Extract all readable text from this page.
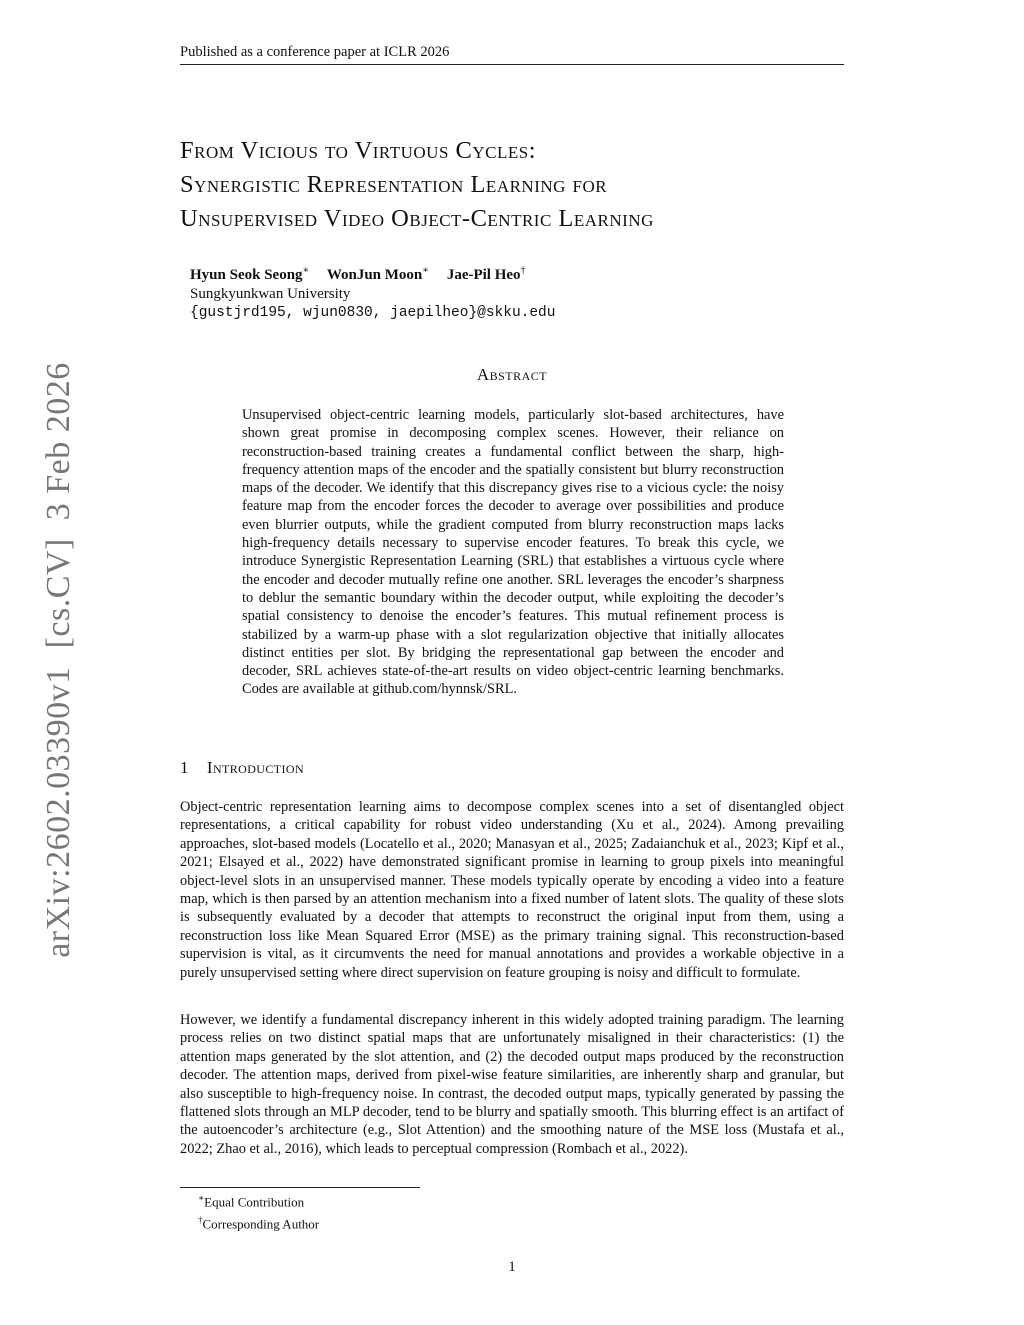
Published as a conference paper at ICLR 2026
From Vicious to Virtuous Cycles:
Synergistic Representation Learning for
Unsupervised Video Object-Centric Learning
Hyun Seok Seong∗ WonJun Moon∗ Jae-Pil Heo†
Sungkyunkwan University
{gustjrd195, wjun0830, jaepilheo}@skku.edu
Abstract
Unsupervised object-centric learning models, particularly slot-based architectures, have shown great promise in decomposing complex scenes. However, their reliance on reconstruction-based training creates a fundamental conflict between the sharp, high-frequency attention maps of the encoder and the spatially consistent but blurry reconstruction maps of the decoder. We identify that this discrepancy gives rise to a vicious cycle: the noisy feature map from the encoder forces the decoder to average over possibilities and produce even blurrier outputs, while the gradient computed from blurry reconstruction maps lacks high-frequency details necessary to supervise encoder features. To break this cycle, we introduce Synergistic Representation Learning (SRL) that establishes a virtuous cycle where the encoder and decoder mutually refine one another. SRL leverages the encoder’s sharpness to deblur the semantic boundary within the decoder output, while exploiting the decoder’s spatial consistency to denoise the encoder’s features. This mutual refinement process is stabilized by a warm-up phase with a slot regularization objective that initially allocates distinct entities per slot. By bridging the representational gap between the encoder and decoder, SRL achieves state-of-the-art results on video object-centric learning benchmarks. Codes are available at github.com/hynnsk/SRL.
1 Introduction
Object-centric representation learning aims to decompose complex scenes into a set of disentangled object representations, a critical capability for robust video understanding (Xu et al., 2024). Among prevailing approaches, slot-based models (Locatello et al., 2020; Manasyan et al., 2025; Zadaianchuk et al., 2023; Kipf et al., 2021; Elsayed et al., 2022) have demonstrated significant promise in learning to group pixels into meaningful object-level slots in an unsupervised manner. These models typically operate by encoding a video into a feature map, which is then parsed by an attention mechanism into a fixed number of latent slots. The quality of these slots is subsequently evaluated by a decoder that attempts to reconstruct the original input from them, using a reconstruction loss like Mean Squared Error (MSE) as the primary training signal. This reconstruction-based supervision is vital, as it circumvents the need for manual annotations and provides a workable objective in a purely unsupervised setting where direct supervision on feature grouping is noisy and difficult to formulate.
However, we identify a fundamental discrepancy inherent in this widely adopted training paradigm. The learning process relies on two distinct spatial maps that are unfortunately misaligned in their characteristics: (1) the attention maps generated by the slot attention, and (2) the decoded output maps produced by the reconstruction decoder. The attention maps, derived from pixel-wise feature similarities, are inherently sharp and granular, but also susceptible to high-frequency noise. In contrast, the decoded output maps, typically generated by passing the flattened slots through an MLP decoder, tend to be blurry and spatially smooth. This blurring effect is an artifact of the autoencoder’s architecture (e.g., Slot Attention) and the smoothing nature of the MSE loss (Mustafa et al., 2022; Zhao et al., 2016), which leads to perceptual compression (Rombach et al., 2022).
∗Equal Contribution
†Corresponding Author
1
arXiv:2602.03390v1  [cs.CV]  3 Feb 2026
